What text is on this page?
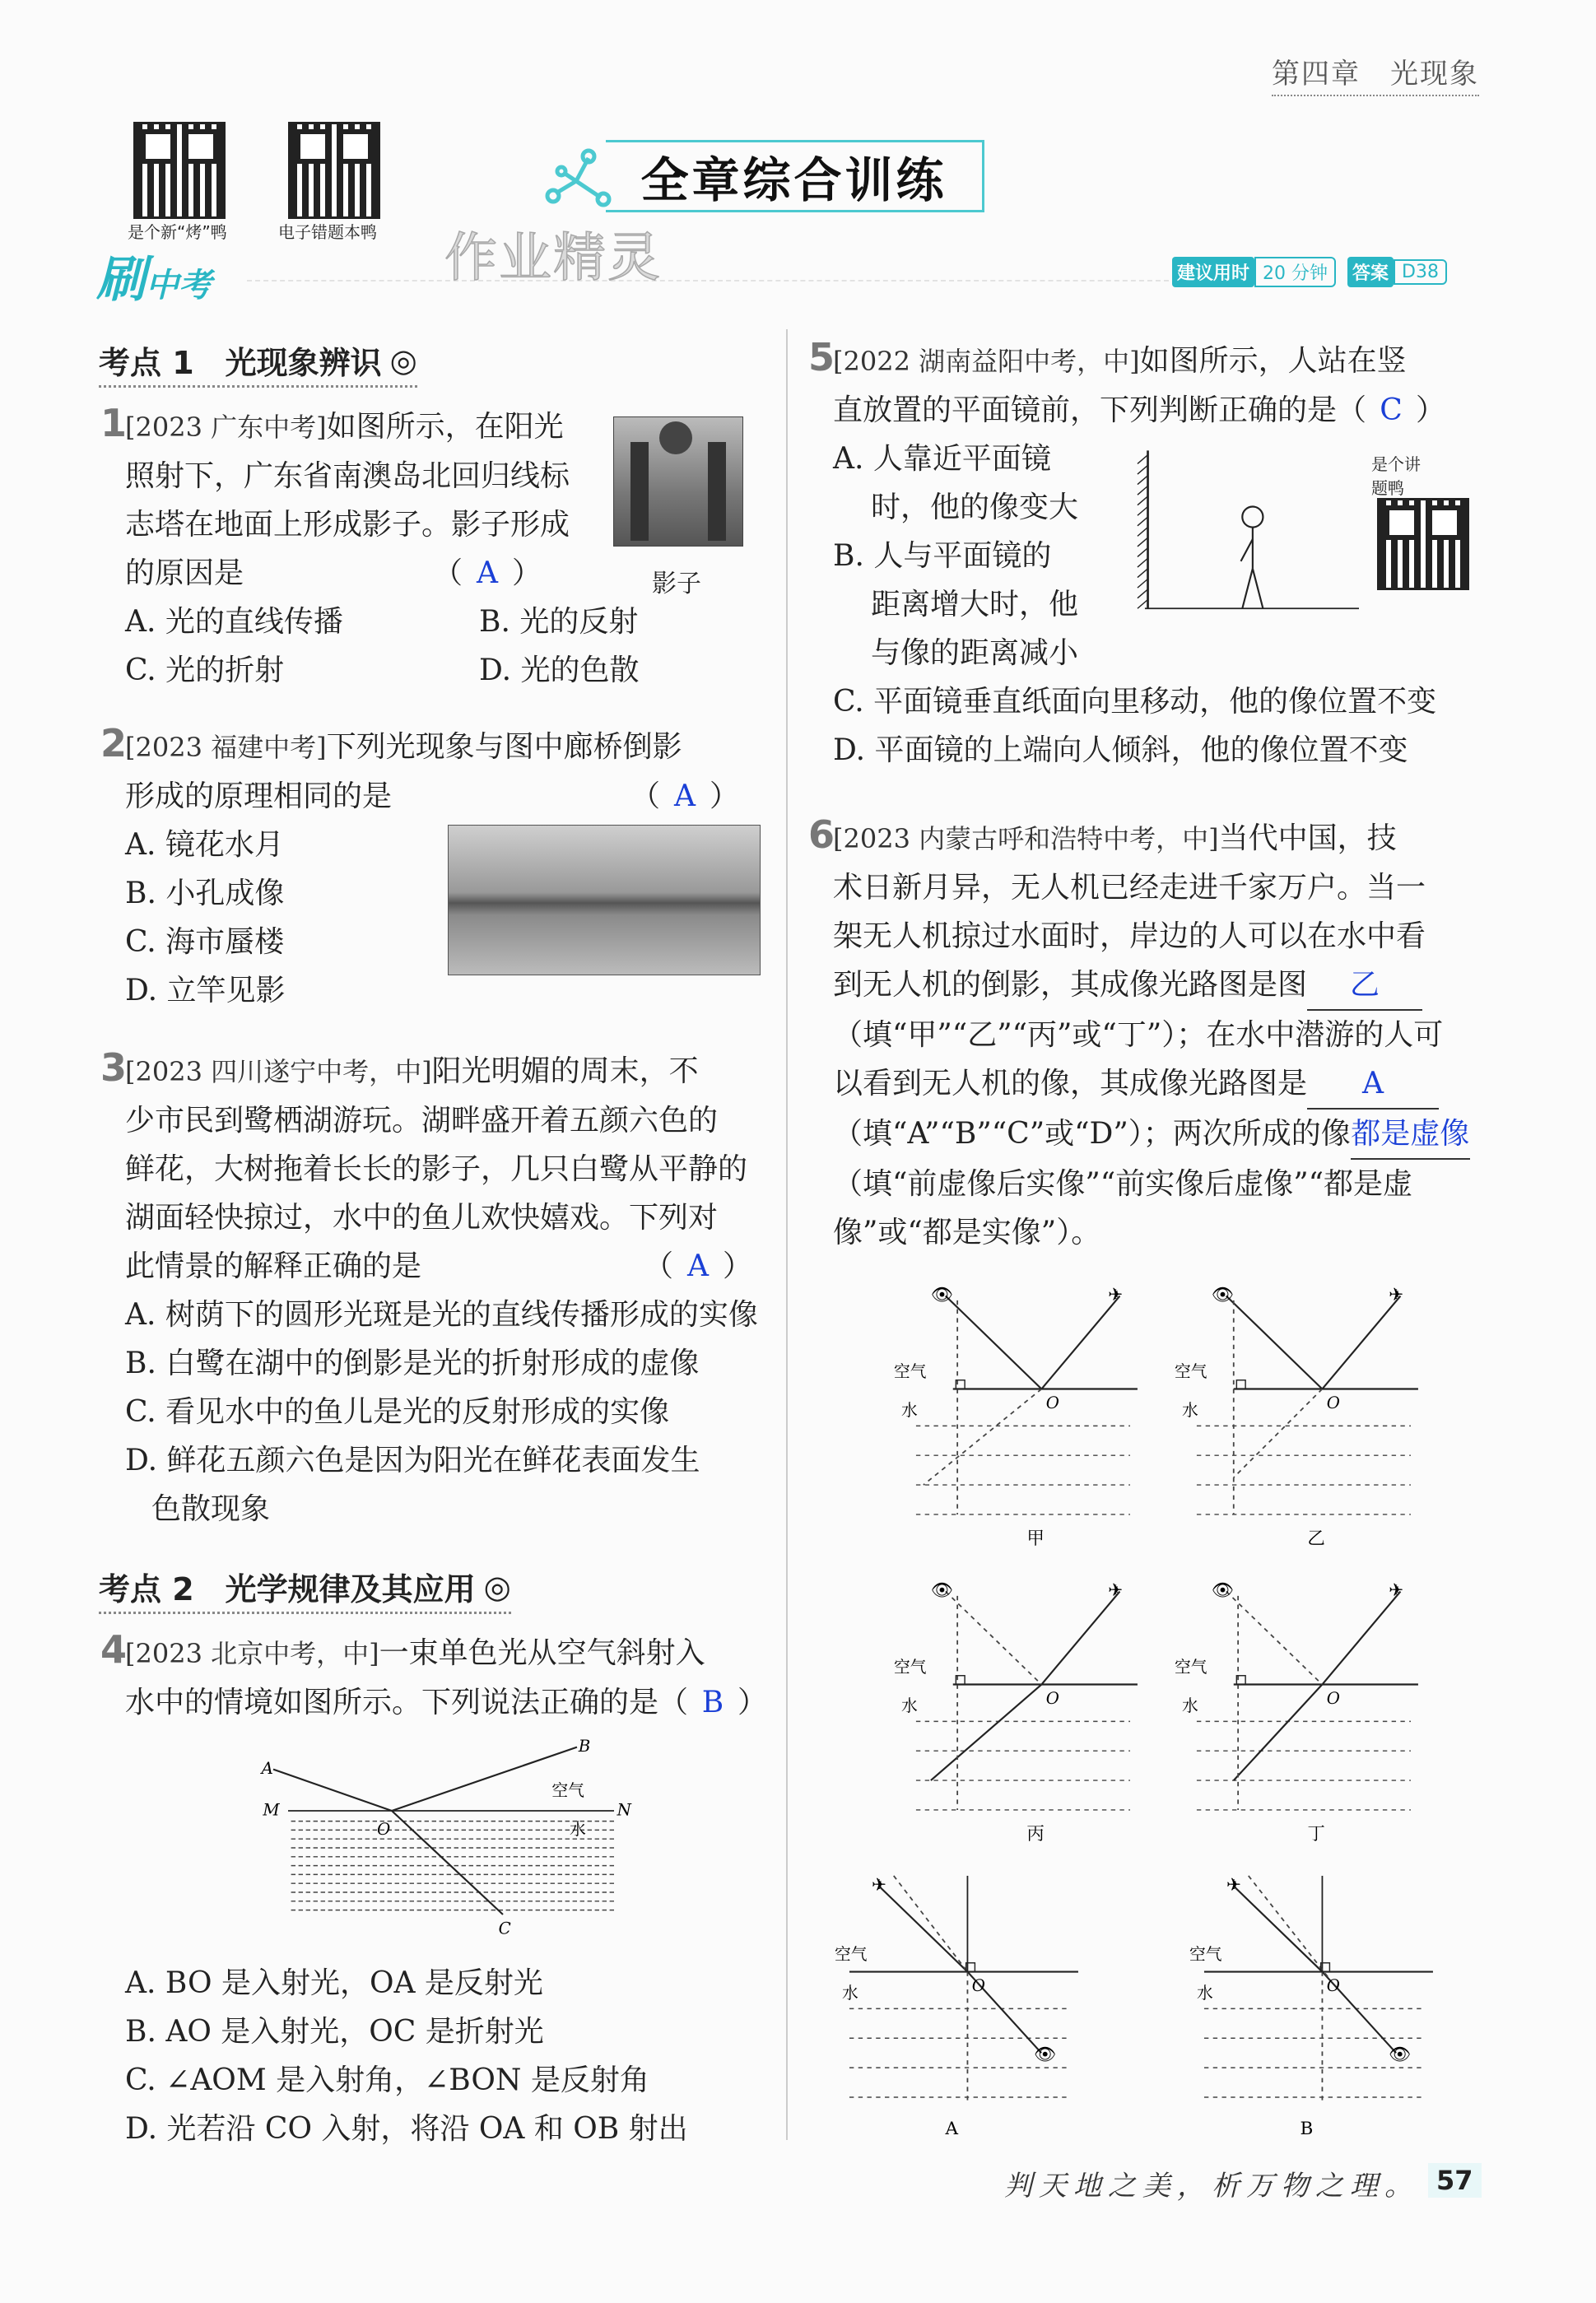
第四章　光现象
是个新“烤”鸭	电子错题本鸭
全章综合训练
刷中考	作业精灵	建议用时 20 分钟	答案 D38
考点 1　光现象辨识 ◎
1[2023 广东中考]如图所示，在阳光
照射下，广东省南澳岛北回归线标
志塔在地面上形成影子。影子形成
的原因是	（ A ）
A. 光的直线传播	B. 光的反射
C. 光的折射	D. 光的色散
影子
2[2023 福建中考]下列光现象与图中廊桥倒影
形成的原理相同的是	（ A ）
A. 镜花水月
B. 小孔成像
C. 海市蜃楼
D. 立竿见影
3[2023 四川遂宁中考，中]阳光明媚的周末，不
少市民到鹭栖湖游玩。湖畔盛开着五颜六色的
鲜花，大树拖着长长的影子，几只白鹭从平静的
湖面轻快掠过，水中的鱼儿欢快嬉戏。下列对
此情景的解释正确的是	（ A ）
A. 树荫下的圆形光斑是光的直线传播形成的实像
B. 白鹭在湖中的倒影是光的折射形成的虚像
C. 看见水中的鱼儿是光的反射形成的实像
D. 鲜花五颜六色是因为阳光在鲜花表面发生
色散现象
考点 2　光学规律及其应用 ◎
4[2023 北京中考，中]一束单色光从空气斜射入
水中的情境如图所示。下列说法正确的是（ B ）
A
B
C
M	N
O
空气
水
A. BO 是入射光，OA 是反射光
B. AO 是入射光，OC 是折射光
C. ∠AOM 是入射角，∠BON 是反射角
D. 光若沿 CO 入射，将沿 OA 和 OB 射出
5[2022 湖南益阳中考，中]如图所示，人站在竖
直放置的平面镜前，下列判断正确的是（ C ）
A. 人靠近平面镜
时，他的像变大
B. 人与平面镜的
距离增大时，他
与像的距离减小
C. 平面镜垂直纸面向里移动，他的像位置不变
D. 平面镜的上端向人倾斜，他的像位置不变
是个讲题鸭
6[2023 内蒙古呼和浩特中考，中]当代中国，技
术日新月异，无人机已经走进千家万户。当一
架无人机掠过水面时，岸边的人可以在水中看
到无人机的倒影，其成像光路图是图 乙
（填“甲”“乙”“丙”或“丁”）；在水中潜游的人可
以看到无人机的像，其成像光路图是 A
（填“A”“B”“C”或“D”）；两次所成的像都是虚像
（填“前虚像后实像”“前实像后虚像”“都是虚
像”或“都是实像”）。
空气
水	O
甲
👁	✈
空气
水	O
乙
👁	✈
空气
水	O
丙
👁	✈
空气
水	O
丁
👁	✈
空气
水	O
A
✈
👁
空气
水	O
B
✈
👁
判天地之美，析万物之理。 57
